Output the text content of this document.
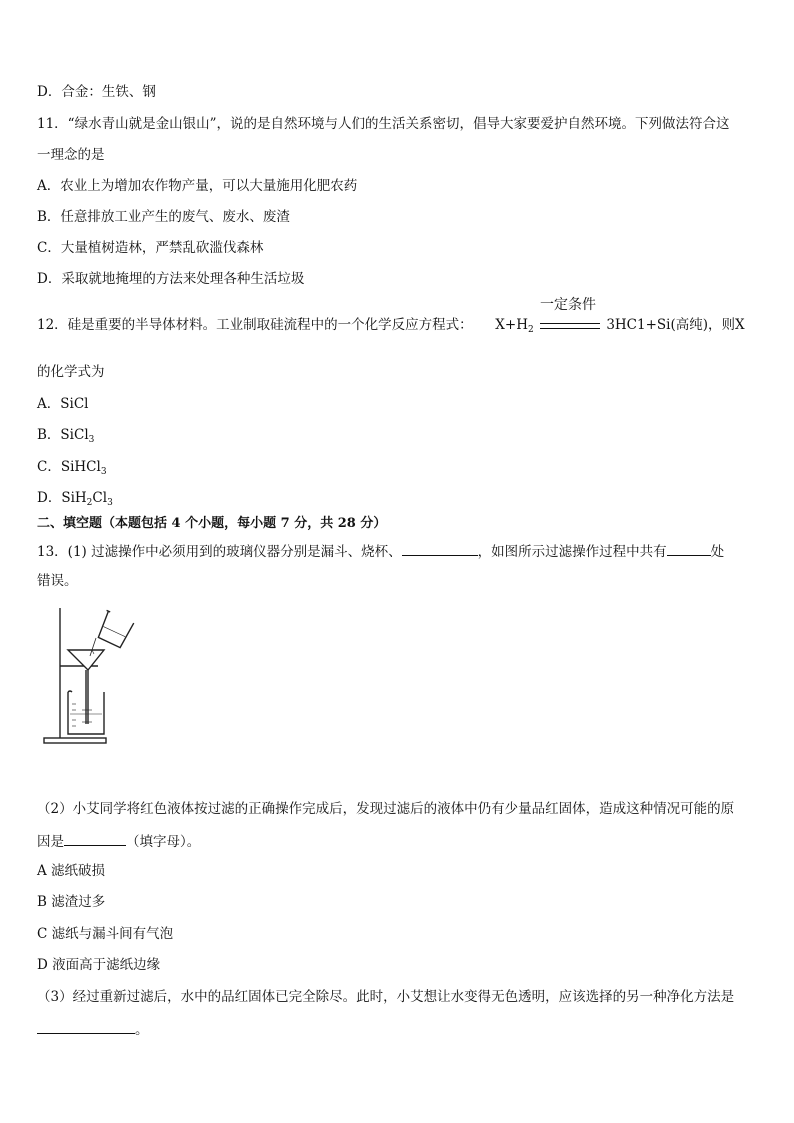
D．合金：生铁、钢
11．“绿水青山就是金山银山”，说的是自然环境与人们的生活关系密切，倡导大家要爱护自然环境。下列做法符合这
一理念的是
A．农业上为增加农作物产量，可以大量施用化肥农药
B．任意排放工业产生的废气、废水、废渣
C．大量植树造林，严禁乱砍滥伐森林
D．采取就地掩埋的方法来处理各种生活垃圾
12．硅是重要的半导体材料。工业制取硅流程中的一个化学反应方程式： $X+H_2$
一定条件
3HC1+Si(高纯)，则X
的化学式为
A．SiCl
B．SiCl$_3$
C．SiHCl$_3$
D．$SiH_2Cl_3$
二、填空题（本题包括 4 个小题，每小题 7 分，共 28 分）
13．(1) 过滤操作中必须用到的玻璃仪器分别是漏斗、烧杯、	，如图所示过滤操作过程中共有	处
错误。
（2）小艾同学将红色液体按过滤的正确操作完成后，发现过滤后的液体中仍有少量品红固体，造成这种情况可能的原
因是	（填字母）。
A 滤纸破损
B 滤渣过多
C 滤纸与漏斗间有气泡
D 液面高于滤纸边缘
（3）经过重新过滤后，水中的品红固体已完全除尽。此时，小艾想让水变得无色透明，应该选择的另一种净化方法是
。
